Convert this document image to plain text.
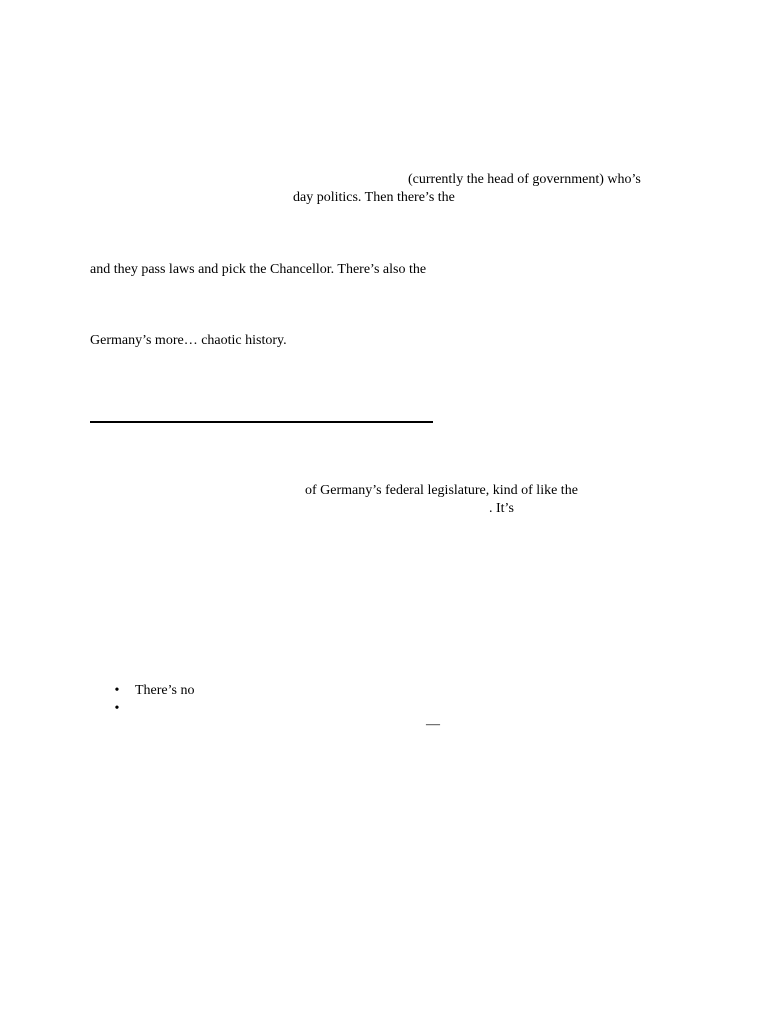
(currently the head of government) who’s
day politics. Then there’s the
and they pass laws and pick the Chancellor. There’s also the
Germany’s more… chaotic history.
of Germany’s federal legislature, kind of like the
. It’s
• There’s no
•
—
